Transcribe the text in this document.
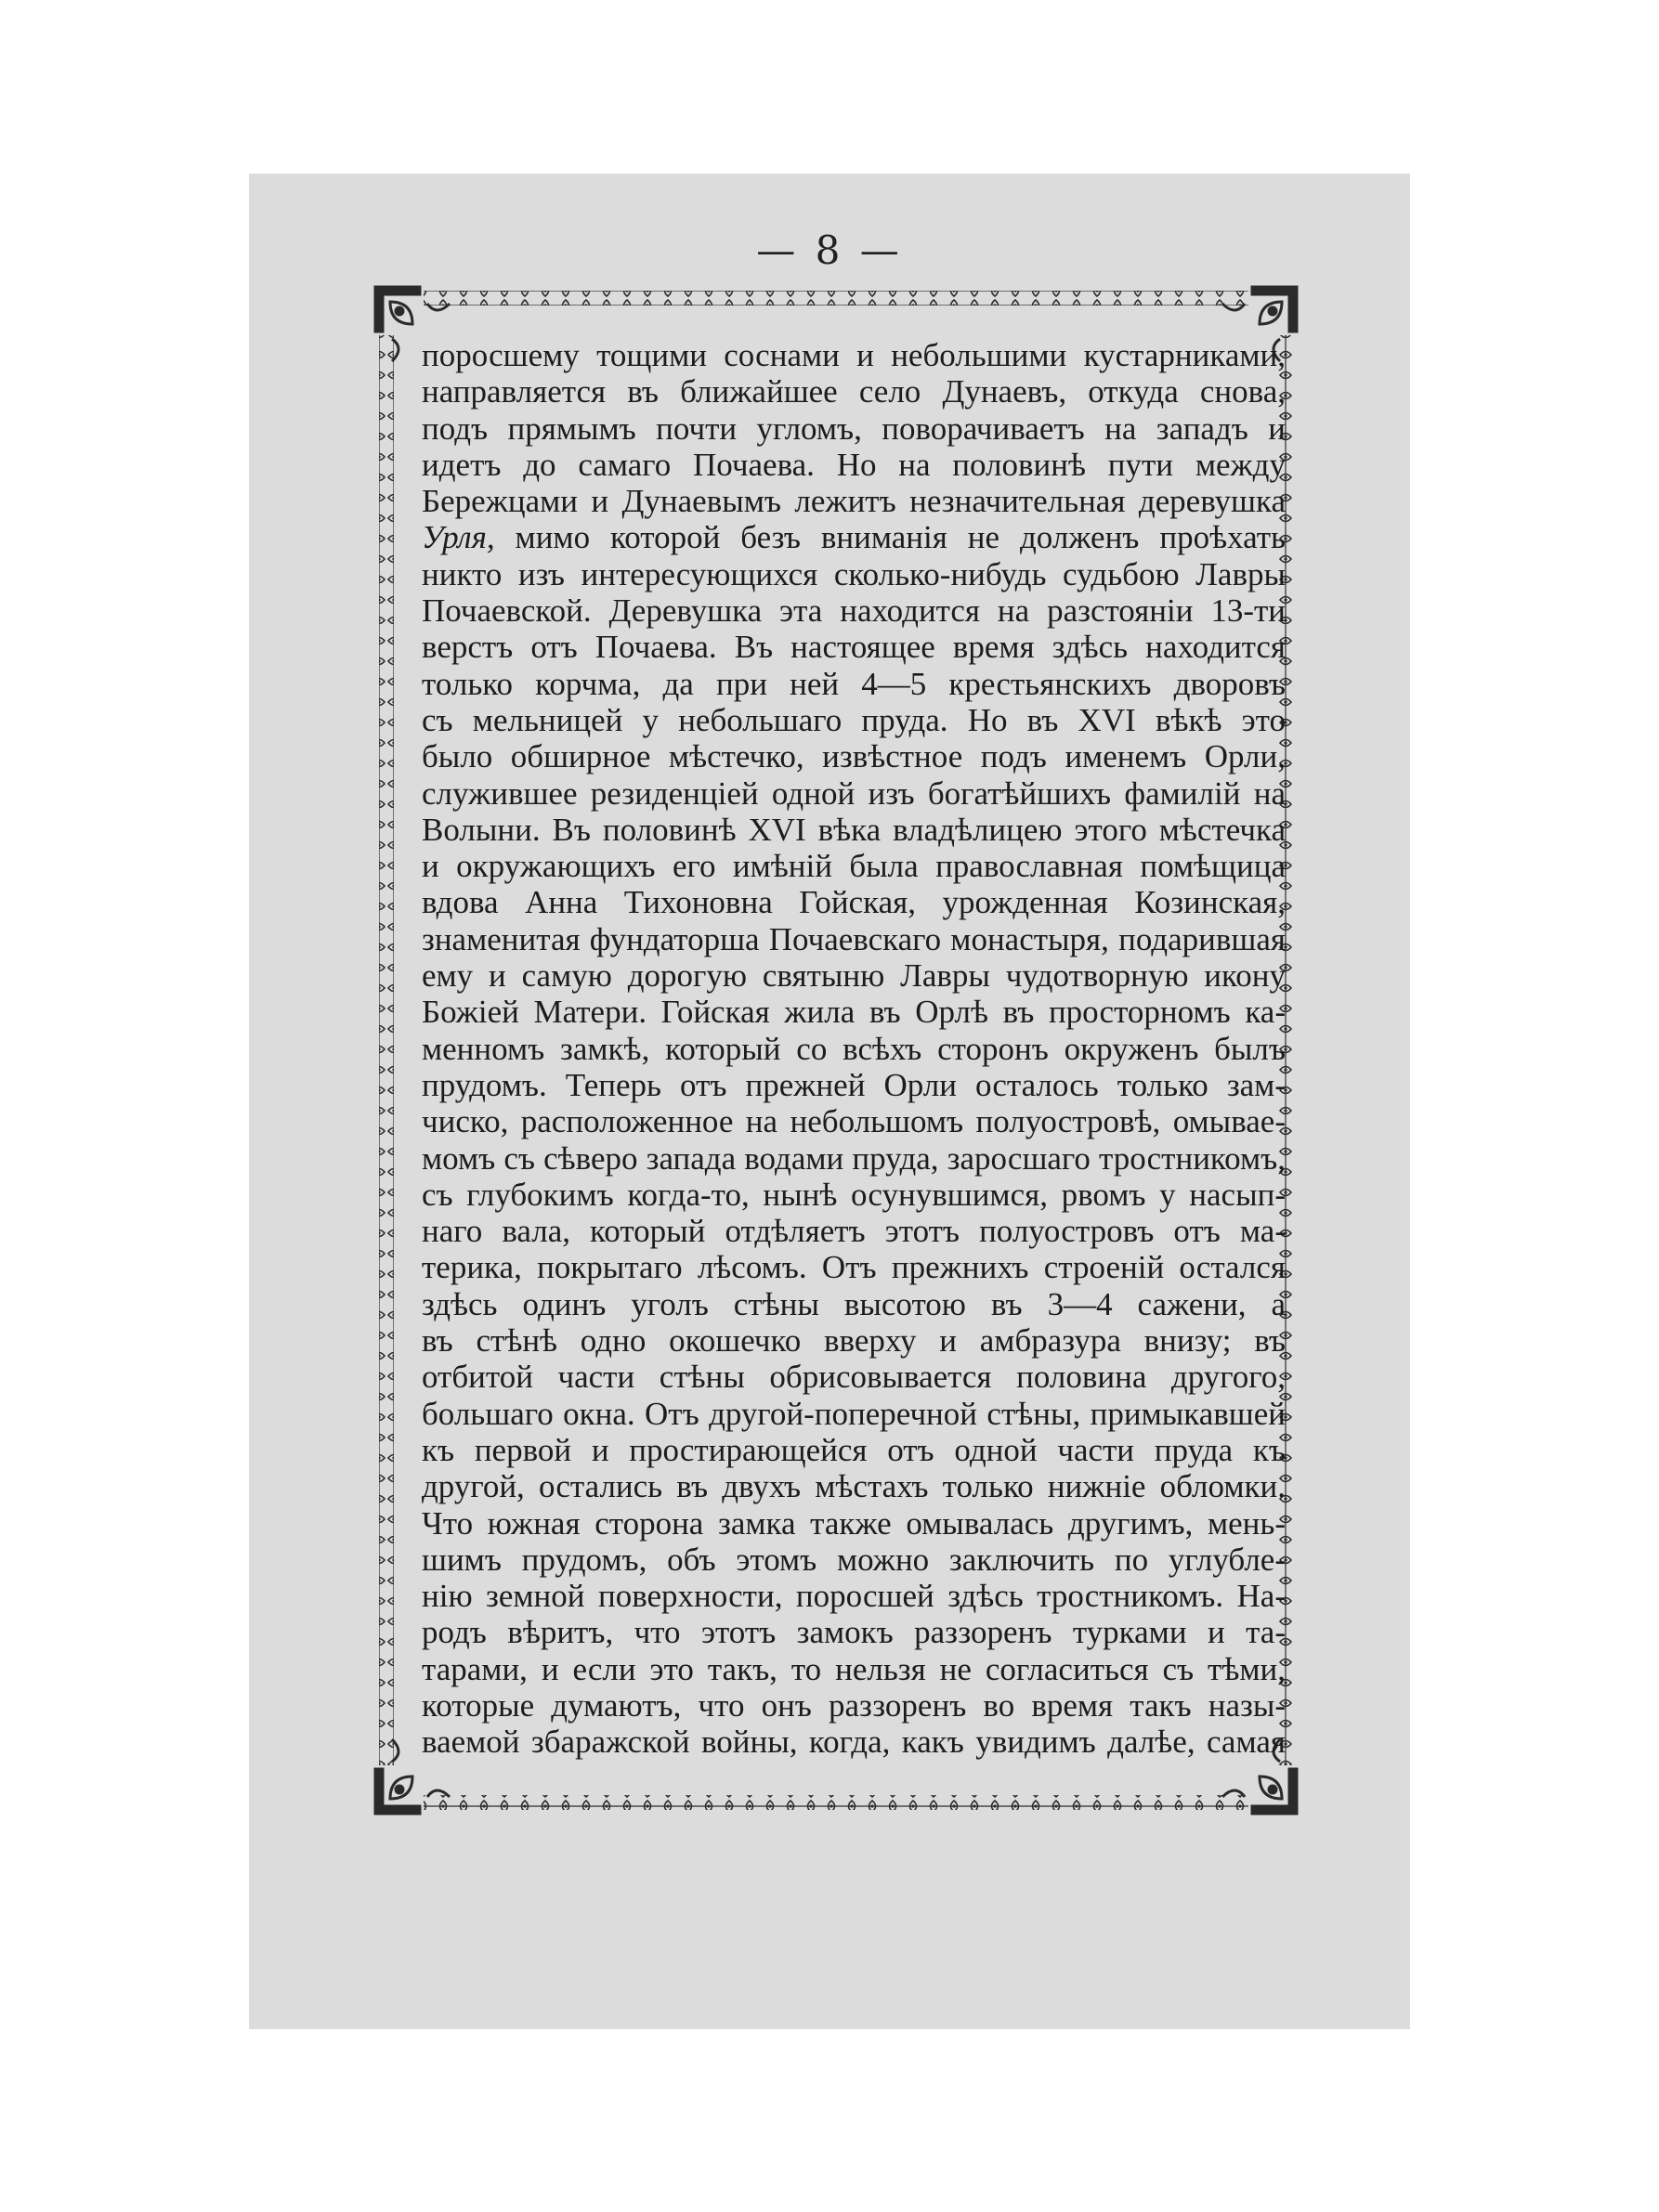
— 8 —
поросшему тощими соснами и небольшими кустарниками,
направляется въ ближайшее село Дунаевъ, откуда снова,
подъ прямымъ почти угломъ, поворачиваетъ на западъ и
идетъ до самаго Почаева. Но на половинѣ пути между
Берeжцами и Дунаевымъ лежитъ незначительная деревушка
Урля, мимо которой безъ вниманія не долженъ проѣхать
никто изъ интересующихся сколько-нибудь судьбою Лавры
Почаевской. Деревушка эта находится на разстояніи 13-ти
верстъ отъ Почаева. Въ настоящее время здѣсь находится
только корчма, да при ней 4—5 крестьянскихъ дворовъ
съ мельницей у небольшаго пруда. Но въ XVI вѣкѣ это
было обширное мѣстечко, извѣстное подъ именемъ Орли,
служившее резиденціей одной изъ богатѣйшихъ фамилій на
Волыни. Въ половинѣ XVI вѣка владѣлицею этого мѣстечка
и окружающихъ его имѣній была православная помѣщица
вдова Анна Тихоновна Гойская, урожденная Козинская,
знаменитая фундаторша Почаевскаго монастыря, подарившая
ему и самую дорогую святыню Лавры чудотворную икону
Божіей Матери. Гойская жила въ Орлѣ въ просторномъ ка-
менномъ замкѣ, который со всѣхъ сторонъ окруженъ былъ
прудомъ. Теперь отъ прежней Орли осталось только зам-
чиско, расположенное на небольшомъ полуостровѣ, омывае-
момъ съ сѣверо запада водами пруда, заросшаго тростникомъ,
съ глубокимъ когда-то, нынѣ осунувшимся, рвомъ у насып-
наго вала, который отдѣляетъ этотъ полуостровъ отъ ма-
терика, покрытаго лѣсомъ. Отъ прежнихъ строеній остался
здѣсь одинъ уголъ стѣны высотою въ 3—4 сажени, а
въ стѣнѣ одно окошечко вверху и амбразура внизу; въ
отбитой части стѣны обрисовывается половина другого,
большаго окна. Отъ другой-поперечной стѣны, примыкавшей
къ первой и простирающейся отъ одной части пруда къ
другой, остались въ двухъ мѣстахъ только нижніе обломки.
Что южная сторона замка также омывалась другимъ, мень-
шимъ прудомъ, объ этомъ можно заключить по углубле-
нію земной поверхности, поросшей здѣсь тростникомъ. На-
родъ вѣритъ, что этотъ замокъ раззоренъ турками и та-
тарами, и если это такъ, то нельзя не согласиться съ тѣми,
которые думаютъ, что онъ раззоренъ во время такъ назы-
ваемой збаражской войны, когда, какъ увидимъ далѣе, самая
